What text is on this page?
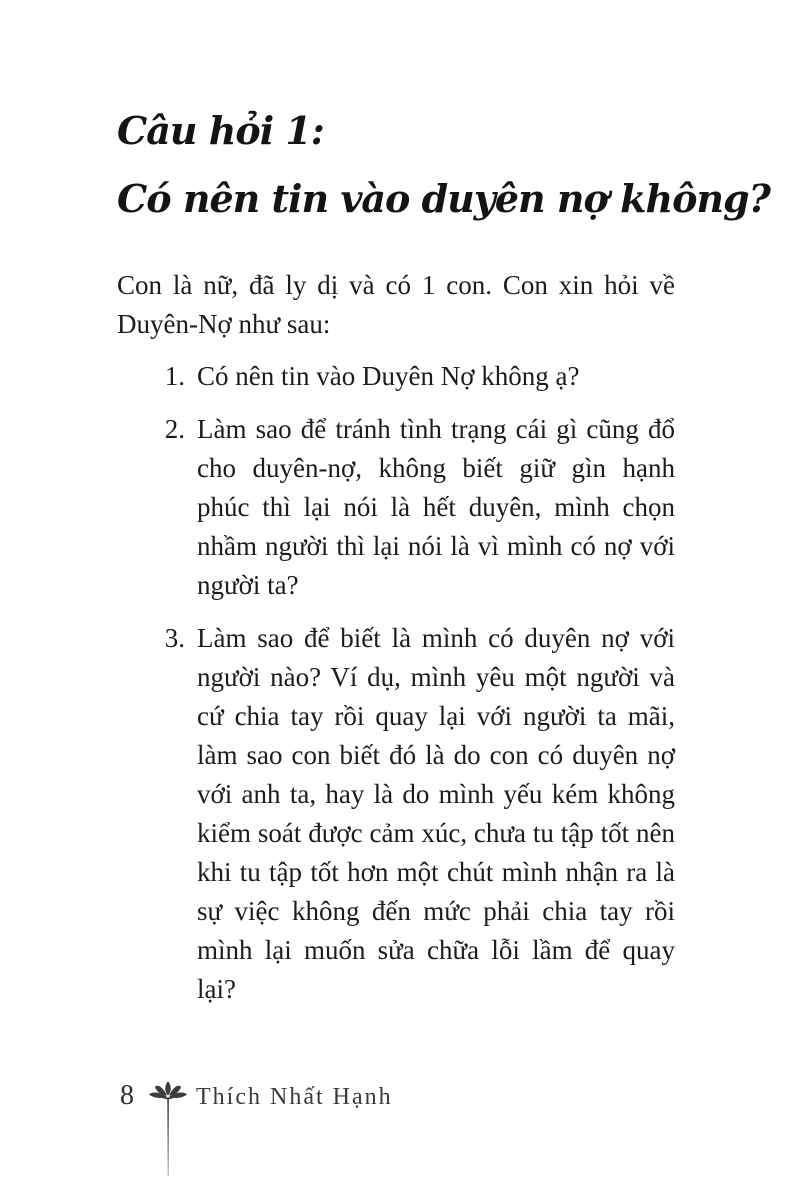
Câu hỏi 1:
Có nên tin vào duyên nợ không?

Con là nữ, đã ly dị và có 1 con. Con xin hỏi về Duyên-Nợ như sau:

1. Có nên tin vào Duyên Nợ không ạ?
2. Làm sao để tránh tình trạng cái gì cũng đổ cho duyên-nợ, không biết giữ gìn hạnh phúc thì lại nói là hết duyên, mình chọn nhầm người thì lại nói là vì mình có nợ với người ta?
3. Làm sao để biết là mình có duyên nợ với người nào? Ví dụ, mình yêu một người và cứ chia tay rồi quay lại với người ta mãi, làm sao con biết đó là do con có duyên nợ với anh ta, hay là do mình yếu kém không kiểm soát được cảm xúc, chưa tu tập tốt nên khi tu tập tốt hơn một chút mình nhận ra là sự việc không đến mức phải chia tay rồi mình lại muốn sửa chữa lỗi lầm để quay lại?
8	Thích Nhất Hạnh
